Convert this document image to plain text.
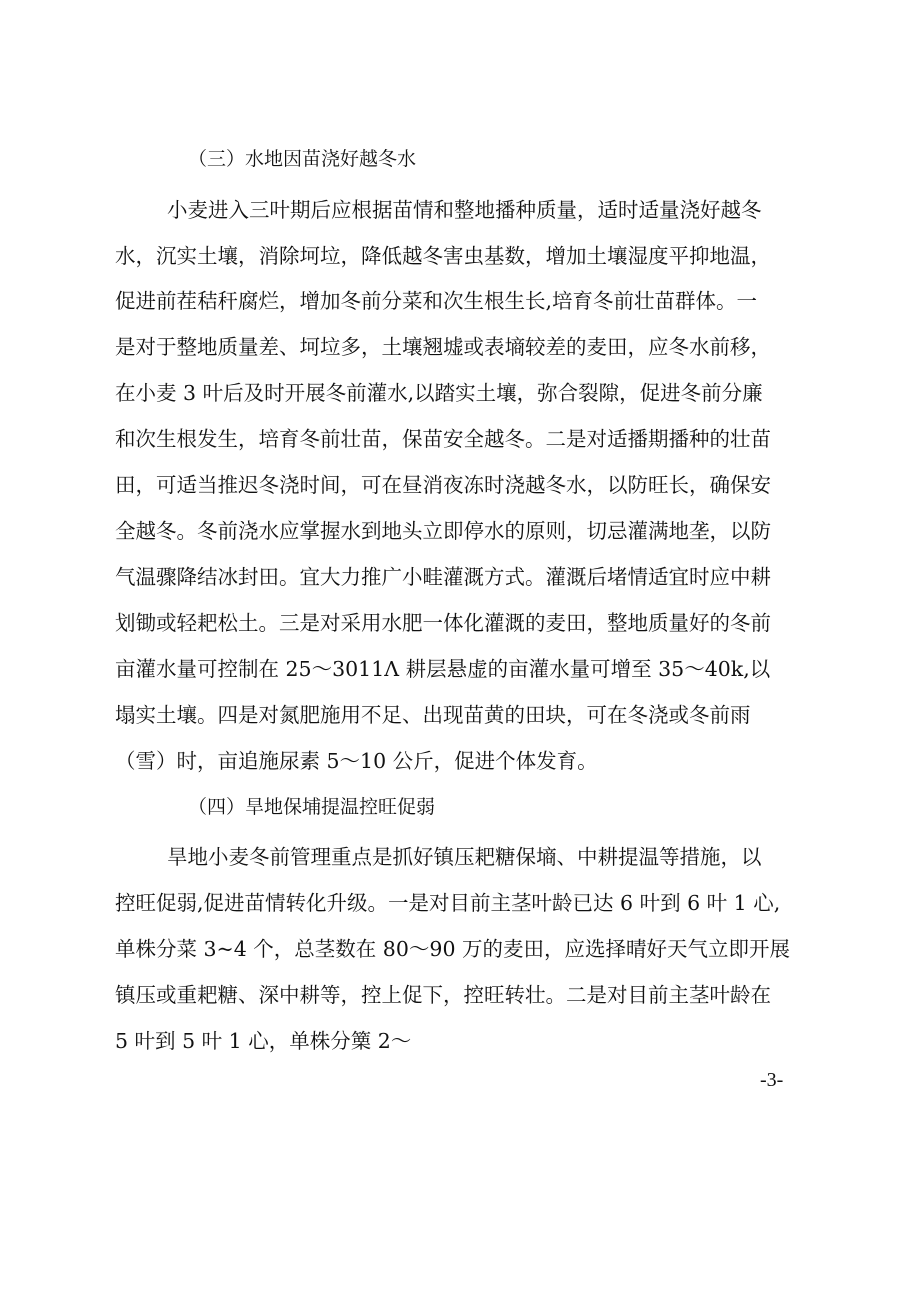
（三）水地因苗浇好越冬水

小麦进入三叶期后应根据苗情和整地播种质量，适时适量浇好越冬

水，沉实土壤，消除坷垃，降低越冬害虫基数，增加土壤湿度平抑地温，

促进前茬秸秆腐烂，增加冬前分菜和次生根生长,培育冬前壮苗群体。一

是对于整地质量差、坷垃多，土壤翘墟或表墒较差的麦田，应冬水前移，

在小麦 3 叶后及时开展冬前灌水,以踏实土壤，弥合裂隙，促进冬前分廉

和次生根发生，培育冬前壮苗，保苗安全越冬。二是对适播期播种的壮苗

田，可适当推迟冬浇时间，可在昼消夜冻时浇越冬水，以防旺长，确保安

全越冬。冬前浇水应掌握水到地头立即停水的原则，切忌灌满地垄，以防

气温骤降结冰封田。宜大力推广小畦灌溉方式。灌溉后堵情适宜时应中耕

划锄或轻耙松土。三是对采用水肥一体化灌溉的麦田，整地质量好的冬前

亩灌水量可控制在 25～3011Λ 耕层悬虚的亩灌水量可增至 35～40k,以

塌实土壤。四是对氮肥施用不足、出现苗黄的田块，可在冬浇或冬前雨

（雪）时，亩追施尿素 5～10 公斤，促进个体发育。

（四）旱地保埔提温控旺促弱

旱地小麦冬前管理重点是抓好镇压耙糖保墒、中耕提温等措施，以

控旺促弱,促进苗情转化升级。一是对目前主茎叶龄已达 6 叶到 6 叶 1 心,

单株分菜 3~4 个，总茎数在 80～90 万的麦田，应选择晴好天气立即开展

镇压或重耙糖、深中耕等，控上促下，控旺转壮。二是对目前主茎叶龄在

5 叶到 5 叶 1 心，单株分篥 2～

-3-
